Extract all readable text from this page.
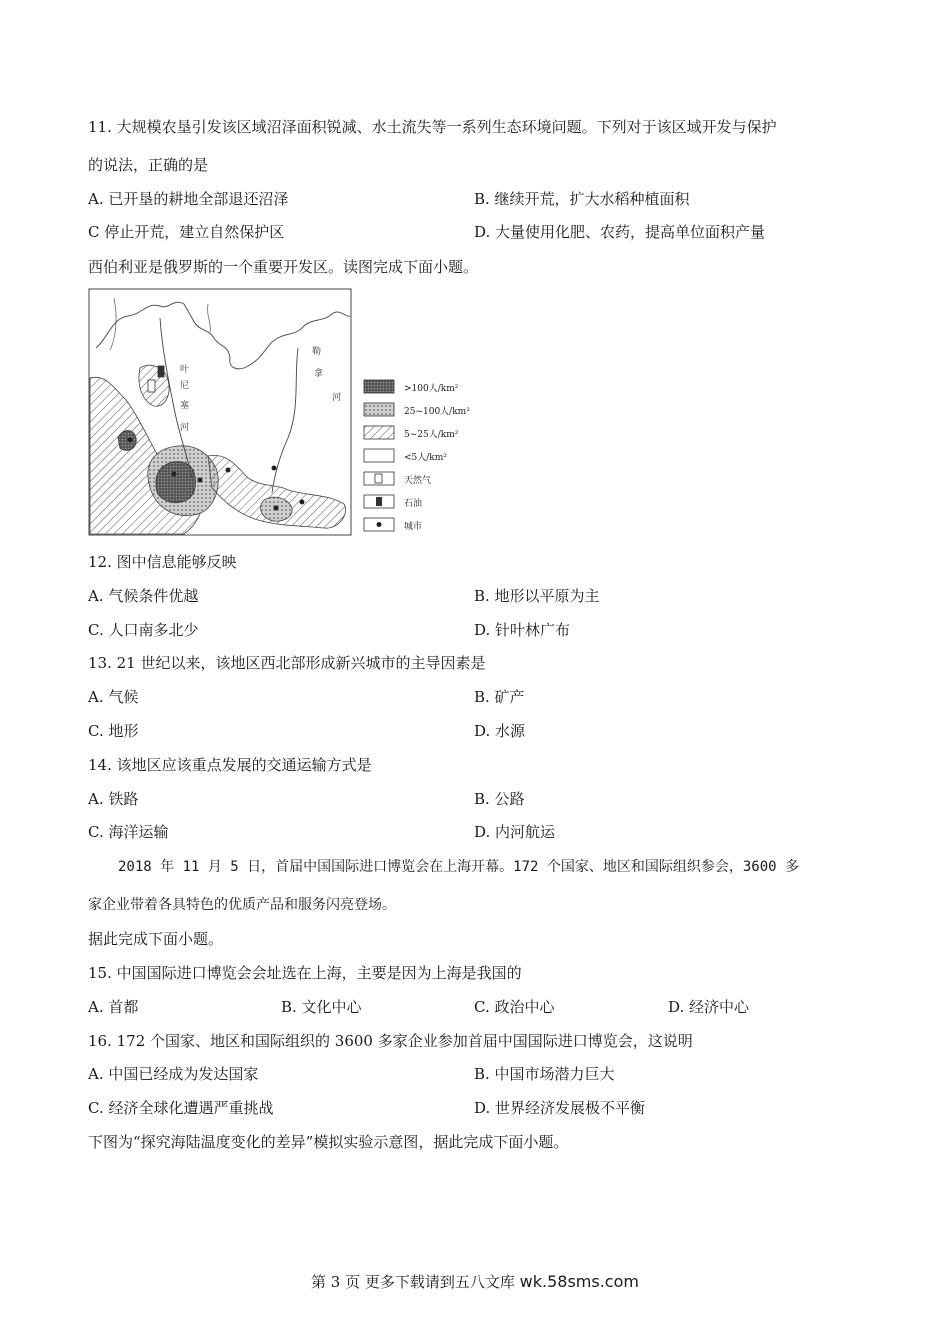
11. 大规模农垦引发该区域沼泽面积锐减、水土流失等一系列生态环境问题。下列对于该区域开发与保护
的说法，正确的是
A. 已开垦的耕地全部退还沼泽	B. 继续开荒，扩大水稻种植面积
C 停止开荒，建立自然保护区	D. 大量使用化肥、农药，提高单位面积产量
西伯利亚是俄罗斯的一个重要开发区。读图完成下面小题。
叶
尼
塞
河
勒
拿
河
>100人/km²
25~100人/km²
5~25人/km²
<5人/km²
天然气
石油
城市
12. 图中信息能够反映
A. 气候条件优越	B. 地形以平原为主
C. 人口南多北少	D. 针叶林广布
13. 21 世纪以来，该地区西北部形成新兴城市的主导因素是
A. 气候	B. 矿产
C. 地形	D. 水源
14. 该地区应该重点发展的交通运输方式是
A. 铁路	B. 公路
C. 海洋运输	D. 内河航运
2018 年 11 月 5 日，首届中国国际进口博览会在上海开幕。172 个国家、地区和国际组织参会，3600 多
家企业带着各具特色的优质产品和服务闪亮登场。
据此完成下面小题。
15. 中国国际进口博览会会址选在上海，主要是因为上海是我国的
A. 首都	B. 文化中心	C. 政治中心	D. 经济中心
16. 172 个国家、地区和国际组织的 3600 多家企业参加首届中国国际进口博览会，这说明
A. 中国已经成为发达国家	B. 中国市场潜力巨大
C. 经济全球化遭遇严重挑战	D. 世界经济发展极不平衡
下图为“探究海陆温度变化的差异”模拟实验示意图，据此完成下面小题。
第 3 页 更多下载请到五八文库 wk.58sms.com
